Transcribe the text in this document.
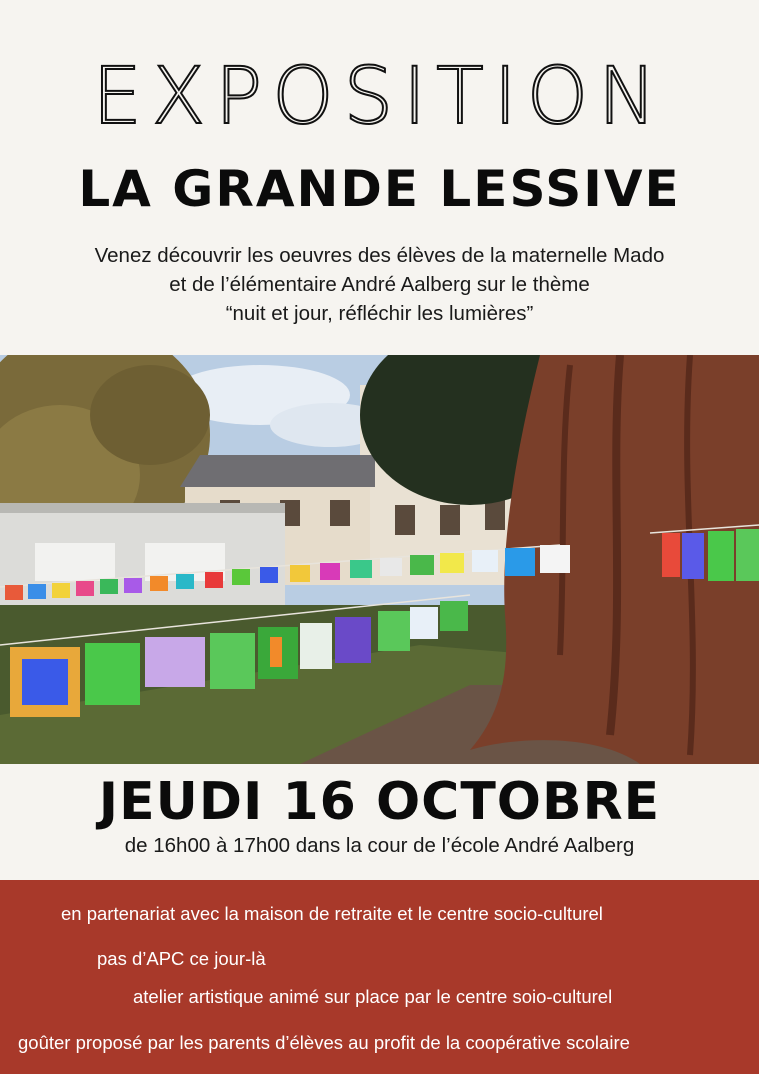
EXPOSITION
LA GRANDE LESSIVE
Venez découvrir les oeuvres des élèves de la maternelle Mado
et de l’élémentaire André Aalberg sur le thème
“nuit et jour, réfléchir les lumières”
JEUDI 16 OCTOBRE
de 16h00 à 17h00 dans la cour de l’école André Aalberg
en partenariat avec la maison de retraite et le centre socio-culturel
pas d’APC ce jour-là
atelier artistique animé sur place par le centre soio-culturel
goûter proposé par les parents d’élèves au profit de la coopérative scolaire
